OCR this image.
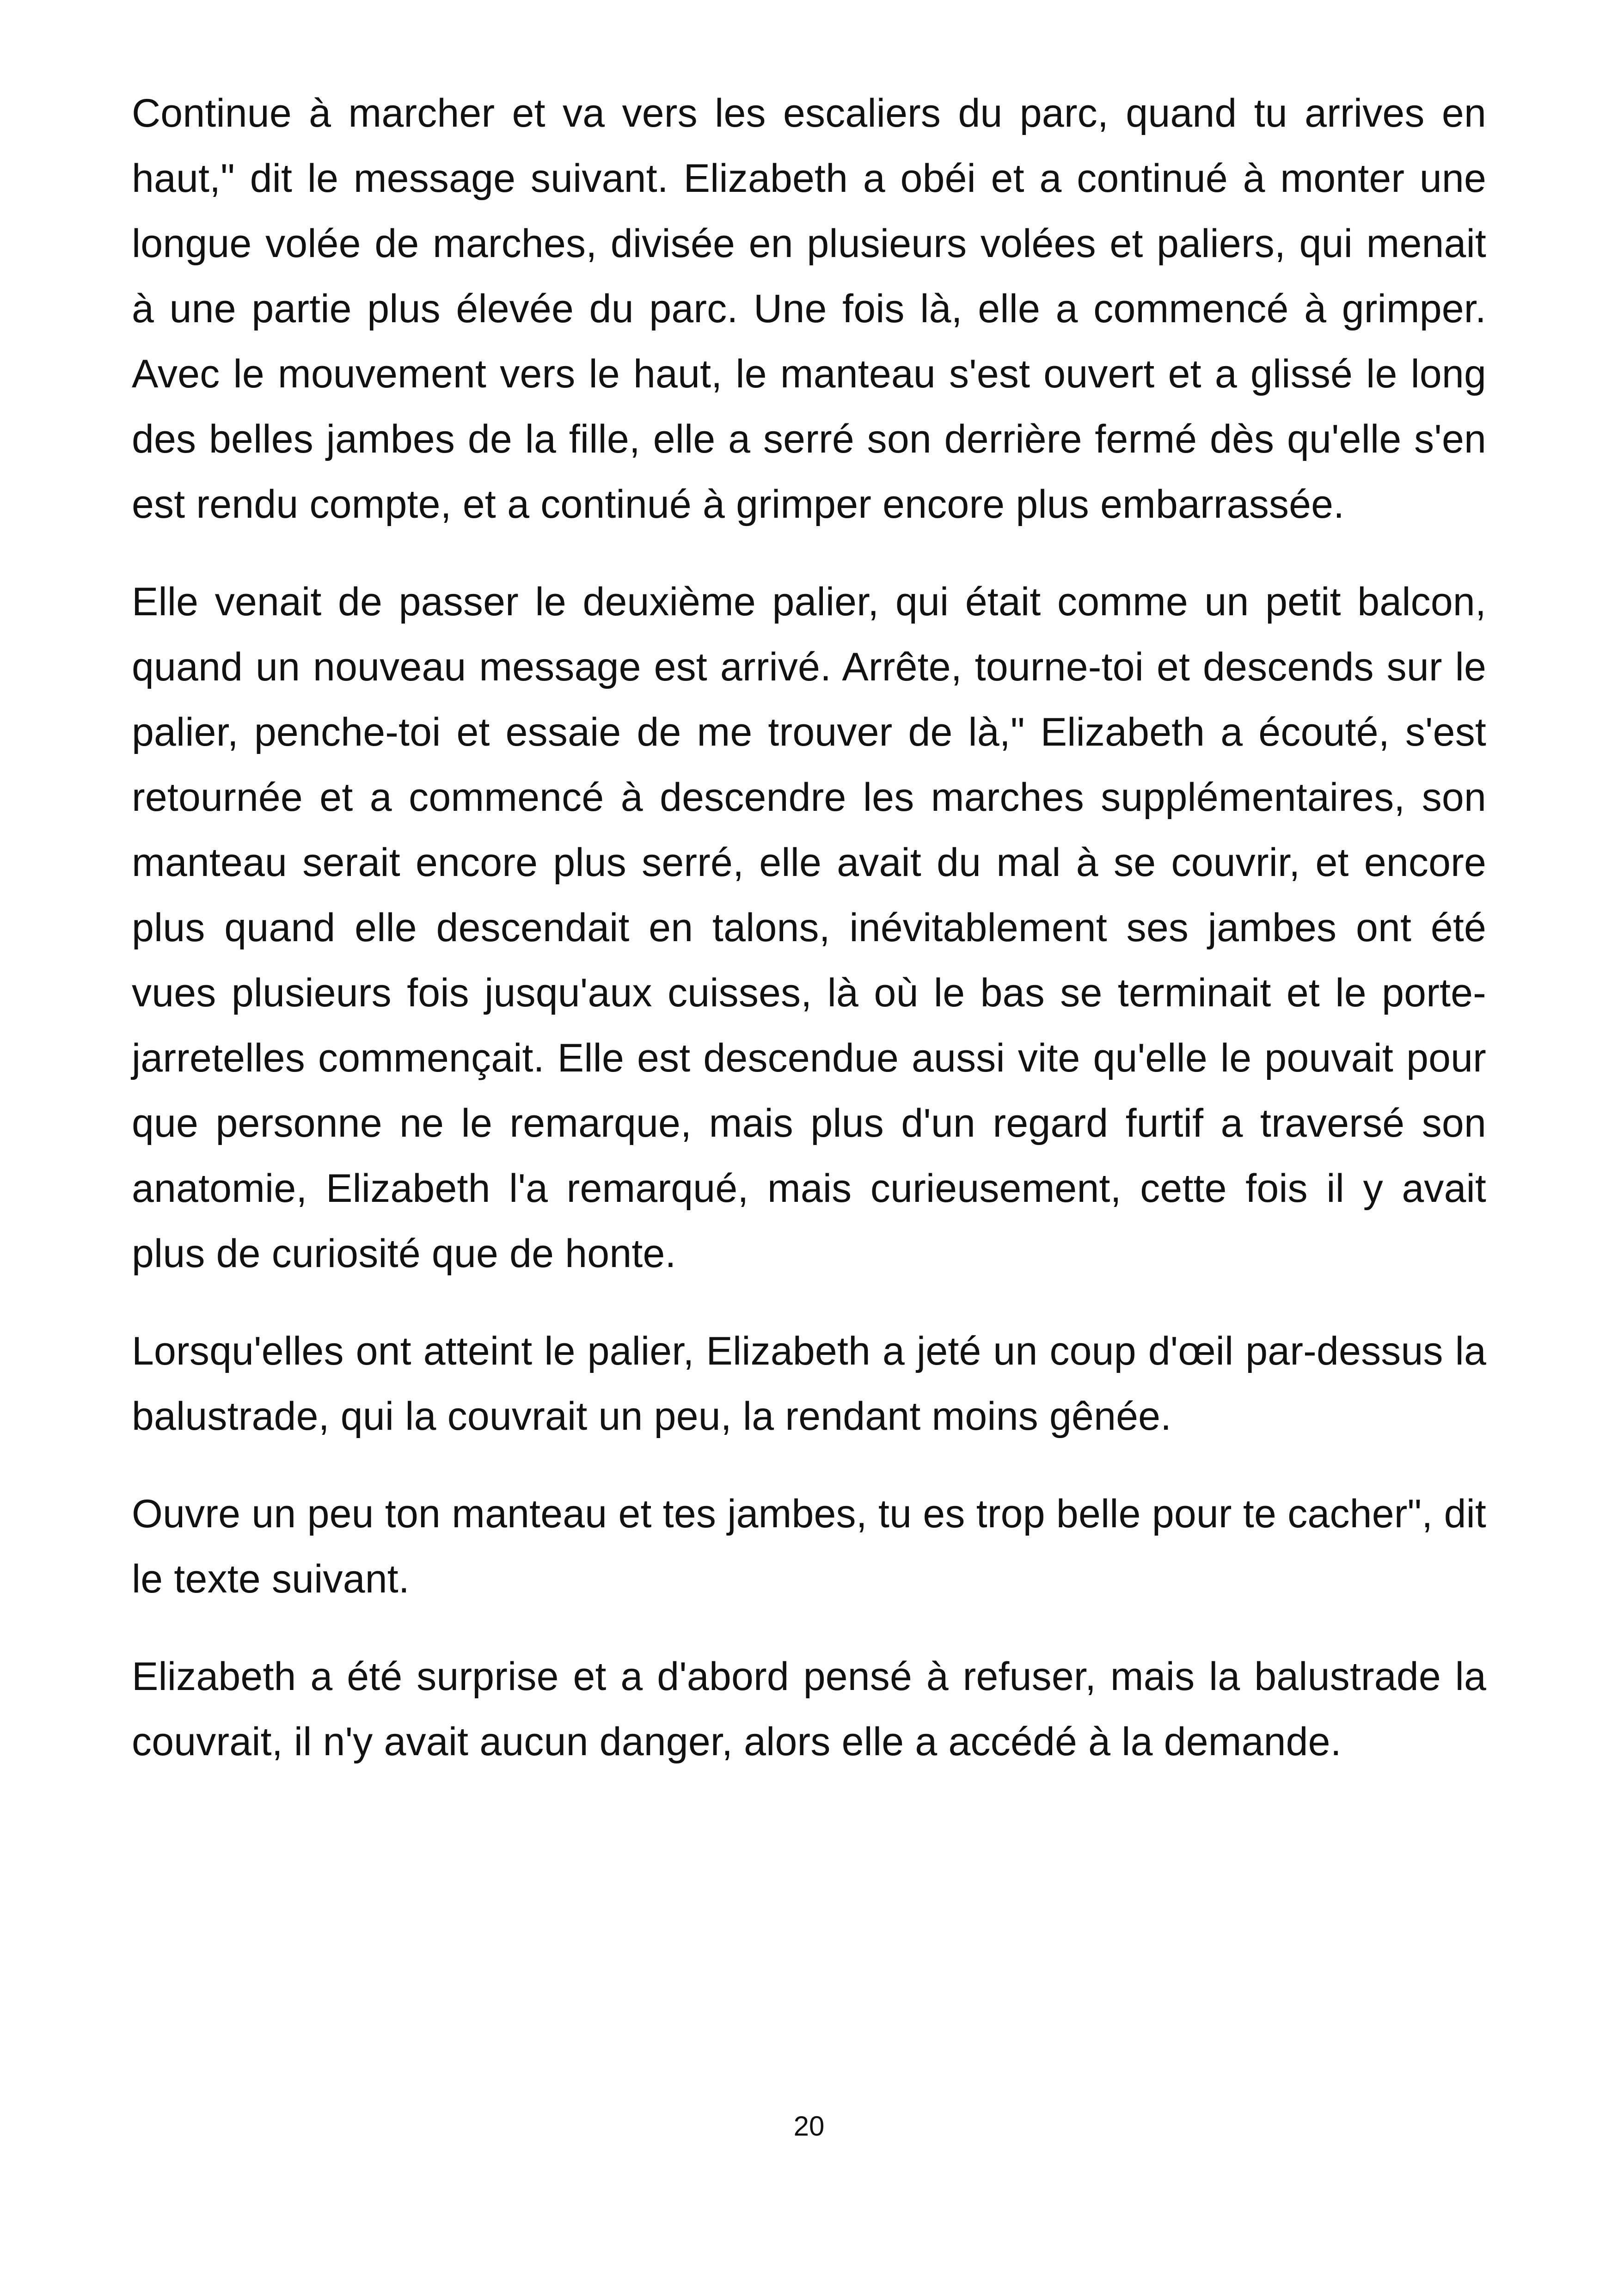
Continue à marcher et va vers les escaliers du parc, quand tu arrives en haut," dit le message suivant. Elizabeth a obéi et a continué à monter une longue volée de marches, divisée en plusieurs volées et paliers, qui menait à une partie plus élevée du parc. Une fois là, elle a commencé à grimper. Avec le mouvement vers le haut, le manteau s'est ouvert et a glissé le long des belles jambes de la fille, elle a serré son derrière fermé dès qu'elle s'en est rendu compte, et a continué à grimper encore plus embarrassée.

Elle venait de passer le deuxième palier, qui était comme un petit balcon, quand un nouveau message est arrivé. Arrête, tourne-toi et descends sur le palier, penche-toi et essaie de me trouver de là," Elizabeth a écouté, s'est retournée et a commencé à descendre les marches supplémentaires, son manteau serait encore plus serré, elle avait du mal à se couvrir, et encore plus quand elle descendait en talons, inévitablement ses jambes ont été vues plusieurs fois jusqu'aux cuisses, là où le bas se terminait et le porte-jarretelles commençait. Elle est descendue aussi vite qu'elle le pouvait pour que personne ne le remarque, mais plus d'un regard furtif a traversé son anatomie, Elizabeth l'a remarqué, mais curieusement, cette fois il y avait plus de curiosité que de honte.

Lorsqu'elles ont atteint le palier, Elizabeth a jeté un coup d'œil par-dessus la balustrade, qui la couvrait un peu, la rendant moins gênée.

Ouvre un peu ton manteau et tes jambes, tu es trop belle pour te cacher", dit le texte suivant.

Elizabeth a été surprise et a d'abord pensé à refuser, mais la balustrade la couvrait, il n'y avait aucun danger, alors elle a accédé à la demande.

20
